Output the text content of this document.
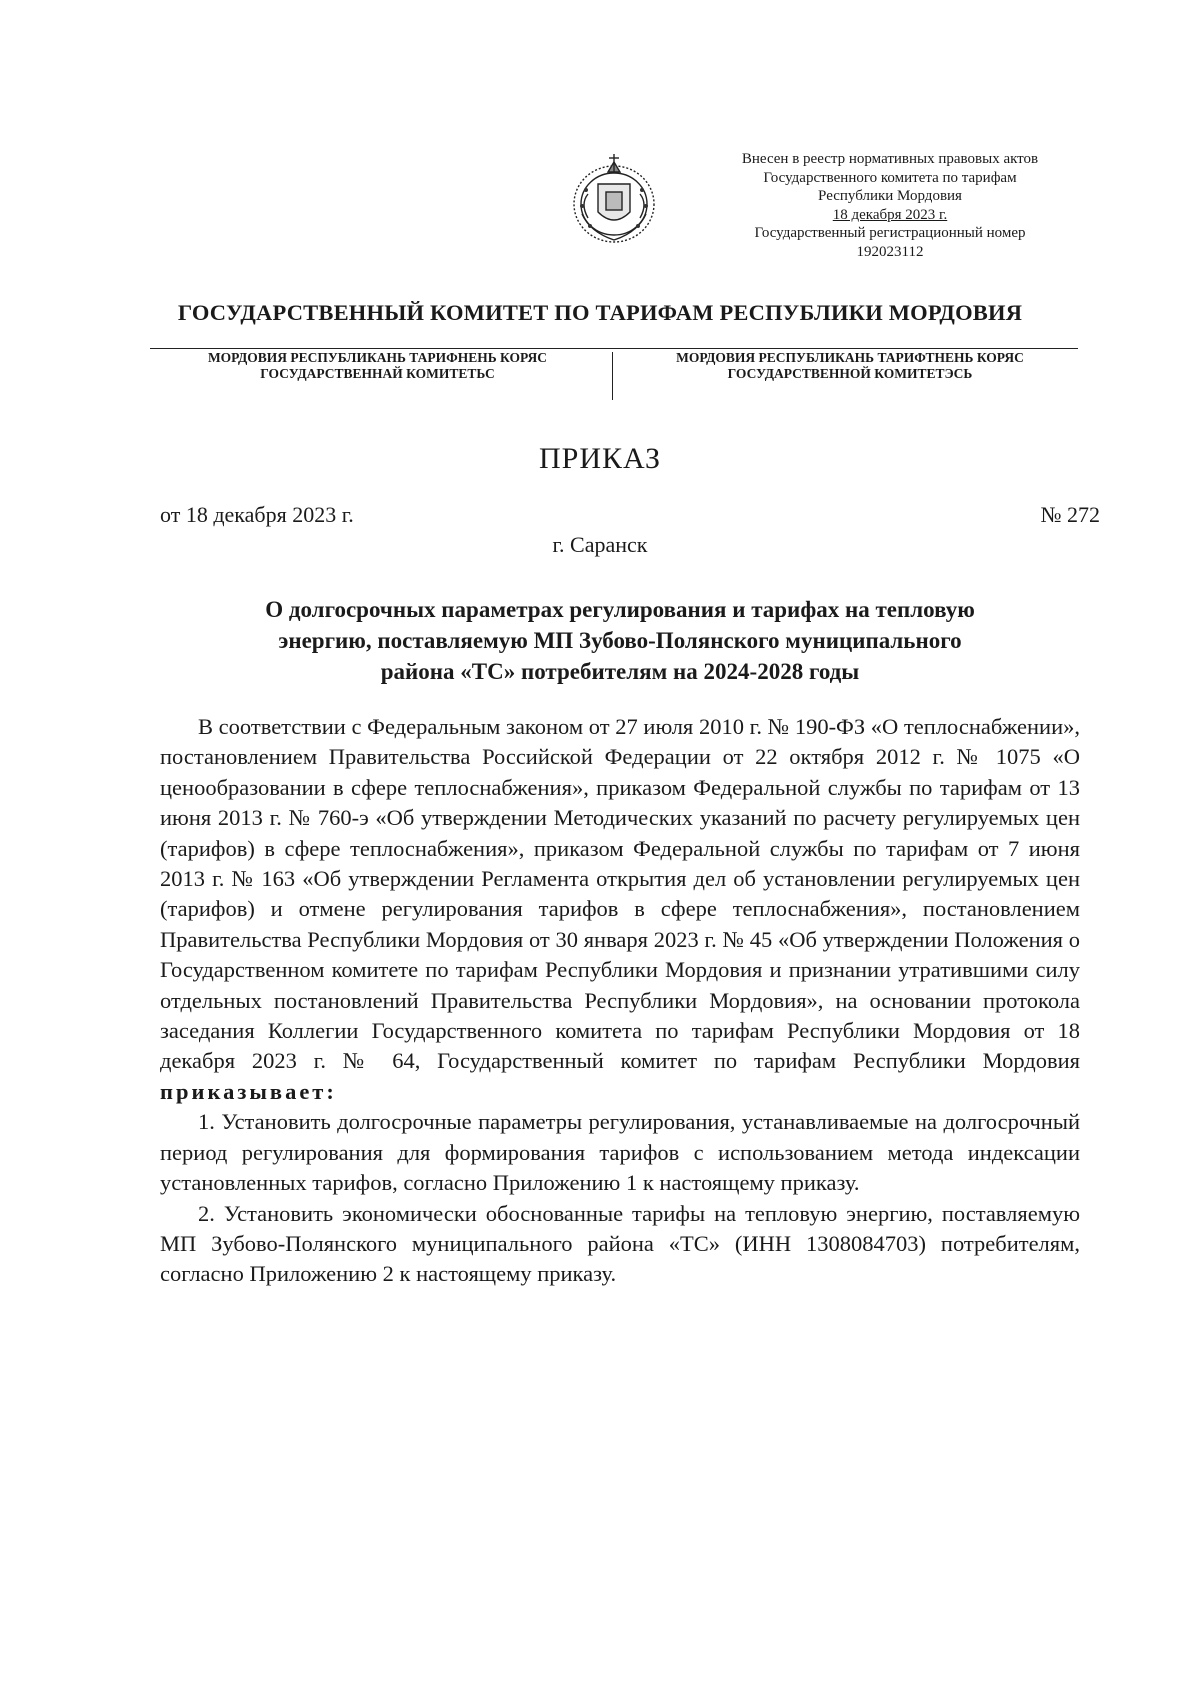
Внесен в реестр нормативных правовых актов
Государственного комитета по тарифам
Республики Мордовия
18 декабря 2023 г.
Государственный регистрационный номер
192023112
ГОСУДАРСТВЕННЫЙ КОМИТЕТ ПО ТАРИФАМ РЕСПУБЛИКИ МОРДОВИЯ
МОРДОВИЯ РЕСПУБЛИКАНЬ ТАРИФНЕНЬ КОРЯС
ГОСУДАРСТВЕННАЙ КОМИТЕТЬС
МОРДОВИЯ РЕСПУБЛИКАНЬ ТАРИФТНЕНЬ КОРЯС
ГОСУДАРСТВЕННОЙ КОМИТЕТЭСЬ
ПРИКАЗ
от 18 декабря 2023 г.	№ 272
г. Саранск
О долгосрочных параметрах регулирования и тарифах на тепловую
энергию, поставляемую МП Зубово-Полянского муниципального
района «ТС» потребителям на 2024-2028 годы

В соответствии с Федеральным законом от 27 июля 2010 г. № 190-ФЗ «О теплоснабжении», постановлением Правительства Российской Федерации от 22 октября 2012 г. № 1075 «О ценообразовании в сфере теплоснабжения», приказом Федеральной службы по тарифам от 13 июня 2013 г. № 760-э «Об утверждении Методических указаний по расчету регулируемых цен (тарифов) в сфере теплоснабжения», приказом Федеральной службы по тарифам от 7 июня 2013 г. № 163 «Об утверждении Регламента открытия дел об установлении регулируемых цен (тарифов) и отмене регулирования тарифов в сфере теплоснабжения», постановлением Правительства Республики Мордовия от 30 января 2023 г. № 45 «Об утверждении Положения о Государственном комитете по тарифам Республики Мордовия и признании утратившими силу отдельных постановлений Правительства Республики Мордовия», на основании протокола заседания Коллегии Государственного комитета по тарифам Республики Мордовия от 18 декабря 2023 г. № 64, Государственный комитет по тарифам Республики Мордовия приказывает:

1. Установить долгосрочные параметры регулирования, устанавливаемые на долгосрочный период регулирования для формирования тарифов с использованием метода индексации установленных тарифов, согласно Приложению 1 к настоящему приказу.

2. Установить экономически обоснованные тарифы на тепловую энергию, поставляемую МП Зубово-Полянского муниципального района «ТС» (ИНН 1308084703) потребителям, согласно Приложению 2 к настоящему приказу.
